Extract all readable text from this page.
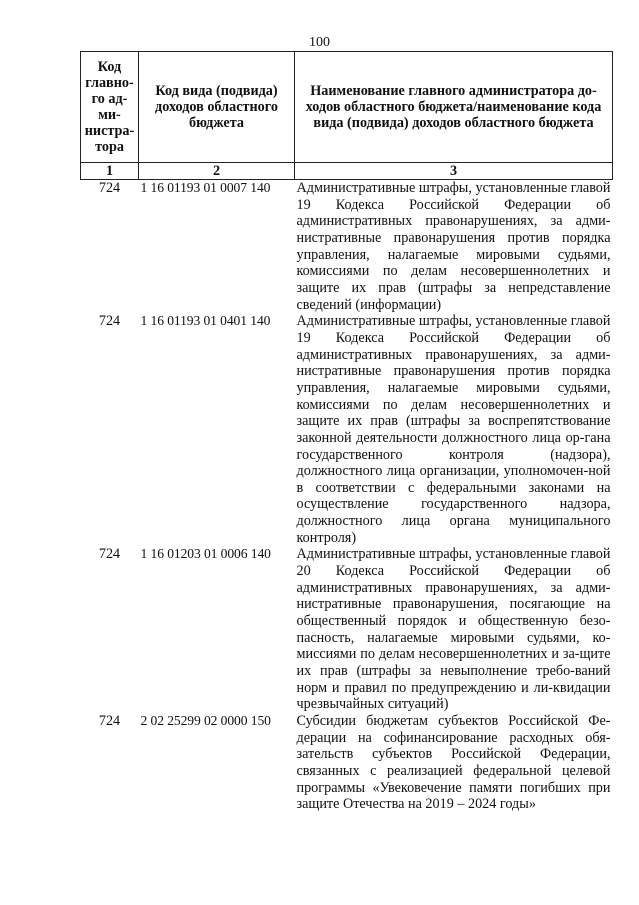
100
Код главно-го ад-ми-нистра-тора	Код вида (подвида) доходов областного бюджета	Наименование главного администратора до-ходов областного бюджета/наименование кода вида (подвида) доходов областного бюджета
1	2	3
724	1 16 01193 01 0007 140	Административные штрафы, установленные главой 19 Кодекса Российской Федерации об административных правонарушениях, за адми-нистративные правонарушения против порядка управления, налагаемые мировыми судьями, комиссиями по делам несовершеннолетних и защите их прав (штрафы за непредставление сведений (информации)
724	1 16 01193 01 0401 140	Административные штрафы, установленные главой 19 Кодекса Российской Федерации об административных правонарушениях, за адми-нистративные правонарушения против порядка управления, налагаемые мировыми судьями, комиссиями по делам несовершеннолетних и защите их прав (штрафы за воспрепятствование законной деятельности должностного лица ор-гана государственного контроля (надзора), должностного лица организации, уполномочен-ной в соответствии с федеральными законами на осуществление государственного надзора, должностного лица органа муниципального контроля)
724	1 16 01203 01 0006 140	Административные штрафы, установленные главой 20 Кодекса Российской Федерации об административных правонарушениях, за адми-нистративные правонарушения, посягающие на общественный порядок и общественную безо-пасность, налагаемые мировыми судьями, ко-миссиями по делам несовершеннолетних и за-щите их прав (штрафы за невыполнение требо-ваний норм и правил по предупреждению и ли-квидации чрезвычайных ситуаций)
724	2 02 25299 02 0000 150	Субсидии бюджетам субъектов Российской Фе-дерации на софинансирование расходных обя-зательств субъектов Российской Федерации, связанных с реализацией федеральной целевой программы «Увековечение памяти погибших при защите Отечества на 2019 – 2024 годы»
